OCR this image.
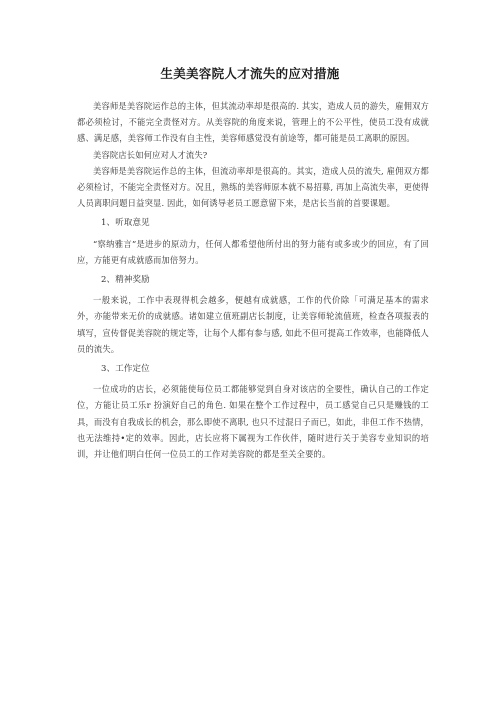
生美美容院人才流失的应对措施

美容师是美容院运作总的主体，但其流动率却是很高的. 其实，造成人员的游失，雇佣双方都必须检讨，不能完全责怪对方。从美容院的角度来说，管理上的不公平性，使员工没有成就感、满足感，美容师工作没有自主性，美容师感觉没有前途等，都可能是员工离职的原因。

美容院店长如何应对人才流失?

美容师是美容院运作总的主体，但流动率却是很高的。其实，造成人员的流失, 雇佣双方都必须检讨，不能完全责怪对方。况且，熟练的美容师原本就不易招募, 再加上高流失率，更使得人员离职问题日益突显. 因此，如何诱导老员工愿意留下来，是店长当前的首要课题。

1、听取意见

“察纳雅言”是进步的原动力，任何人都希望他所付出的努力能有或多或少的回应，有了回应，方能更有成就感而加倍努力。

2、精神奖励

一般来说，工作中表现得机会越多，便越有成就感，工作的代价除「可满足基本的需求外，亦能带来无价的成就感。诸如建立值班副店长制度，让美容师轮流值班，检查各项报表的填写，宣传督促美容院的规定等，让每个人都有参与感, 如此不但可提高工作效率，也能降低人员的流失。

3、工作定位

一位成功的店长，必须能使每位员工都能够觉到自身对该店的全要性，确认自己的工作定位，方能让员工乐r 扮演好自己的角色. 如果在整个工作过程中，员工感觉自己只是赚钱的工具，而没有自我成长的机会，那么即使不离职, 也只不过混日子而已，如此，非但工作不热情，也无法维持•定的效率。因此，店长应将下属视为工作伙伴，随时进行关于美容专业知识的培训，并让他们明白任何一位员工的工作对美容院的都是至关全要的。
